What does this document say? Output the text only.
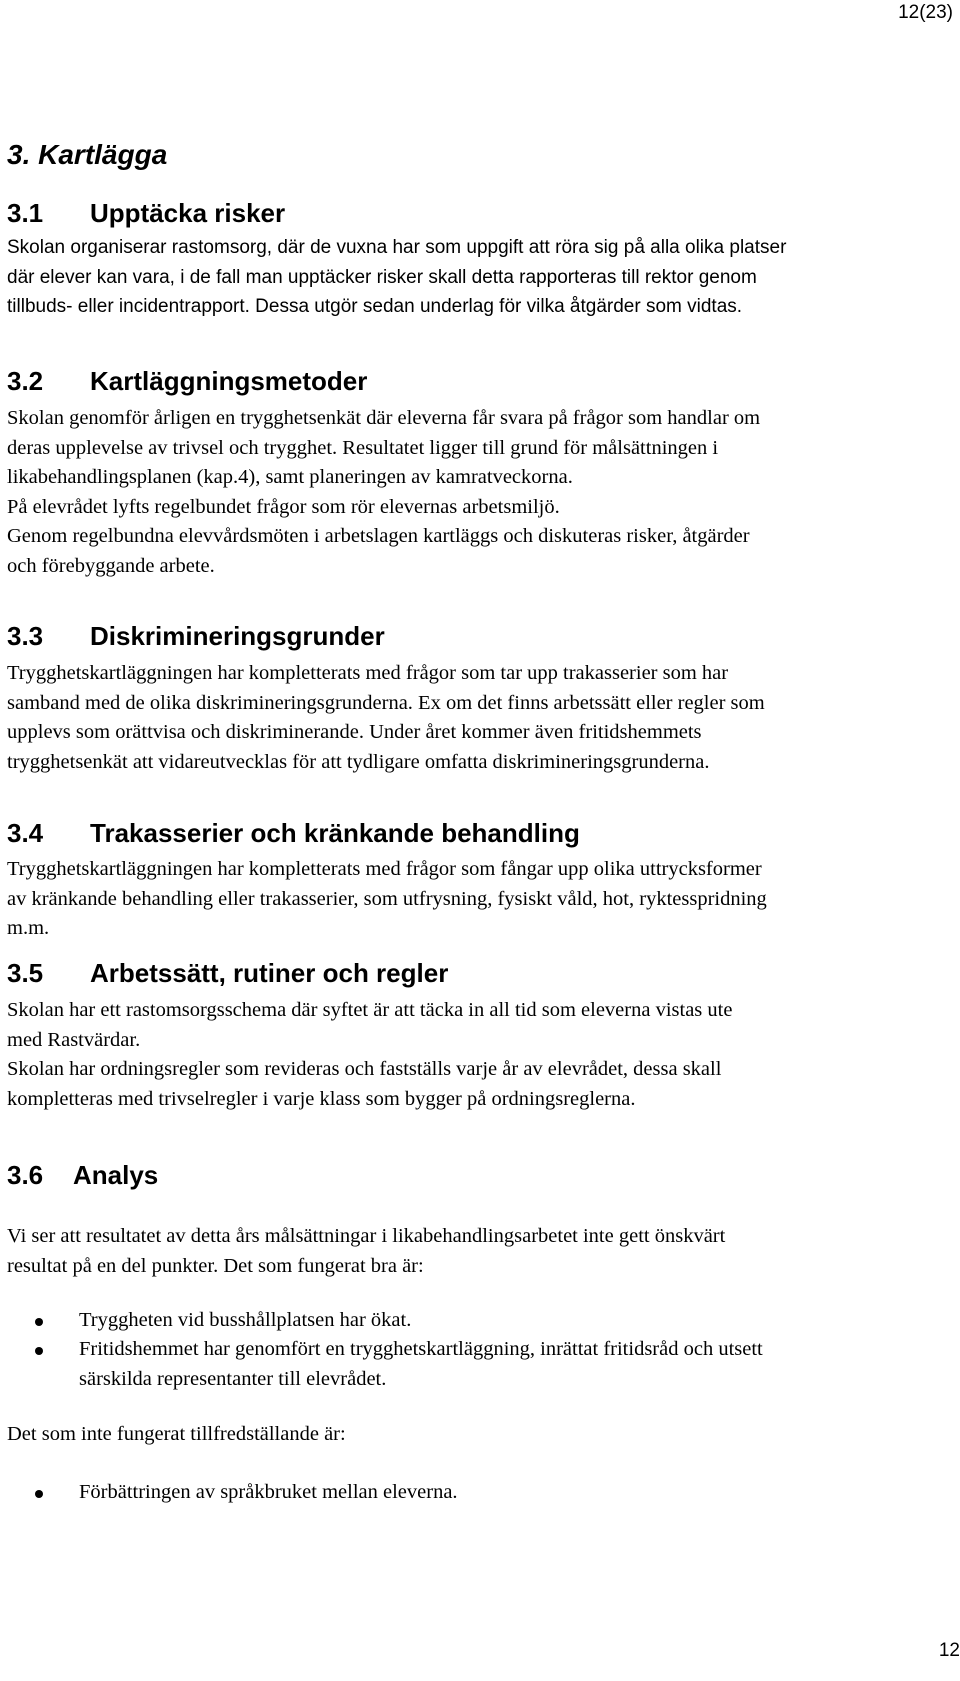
12(23)
3. Kartlägga
3.1 Upptäcka risker
Skolan organiserar rastomsorg, där de vuxna har som uppgift att röra sig på alla olika platser
där elever kan vara, i de fall man upptäcker risker skall detta rapporteras till rektor genom
tillbuds- eller incidentrapport. Dessa utgör sedan underlag för vilka åtgärder som vidtas.
3.2 Kartläggningsmetoder
Skolan genomför årligen en trygghetsenkät där eleverna får svara på frågor som handlar om
deras upplevelse av trivsel och trygghet. Resultatet ligger till grund för målsättningen i
likabehandlingsplanen (kap.4), samt planeringen av kamratveckorna.
På elevrådet lyfts regelbundet frågor som rör elevernas arbetsmiljö.
Genom regelbundna elevvårdsmöten i arbetslagen kartläggs och diskuteras risker, åtgärder
och förebyggande arbete.
3.3 Diskrimineringsgrunder
Trygghetskartläggningen har kompletterats med frågor som tar upp trakasserier som har
samband med de olika diskrimineringsgrunderna. Ex om det finns arbetssätt eller regler som
upplevs som orättvisa och diskriminerande. Under året kommer även fritidshemmets
trygghetsenkät att vidareutvecklas för att tydligare omfatta diskrimineringsgrunderna.
3.4 Trakasserier och kränkande behandling
Trygghetskartläggningen har kompletterats med frågor som fångar upp olika uttrycksformer
av kränkande behandling eller trakasserier, som utfrysning, fysiskt våld, hot, ryktesspridning
m.m.
3.5 Arbetssätt, rutiner och regler
Skolan har ett rastomsorgsschema där syftet är att täcka in all tid som eleverna vistas ute
med Rastvärdar.
Skolan har ordningsregler som revideras och fastställs varje år av elevrådet, dessa skall
kompletteras med trivselregler i varje klass som bygger på ordningsreglerna.
3.6 Analys
Vi ser att resultatet av detta års målsättningar i likabehandlingsarbetet inte gett önskvärt
resultat på en del punkter. Det som fungerat bra är:
Tryggheten vid busshållplatsen har ökat.
Fritidshemmet har genomfört en trygghetskartläggning, inrättat fritidsråd och utsett
särskilda representanter till elevrådet.
Det som inte fungerat tillfredställande är:
Förbättringen av språkbruket mellan eleverna.
12
